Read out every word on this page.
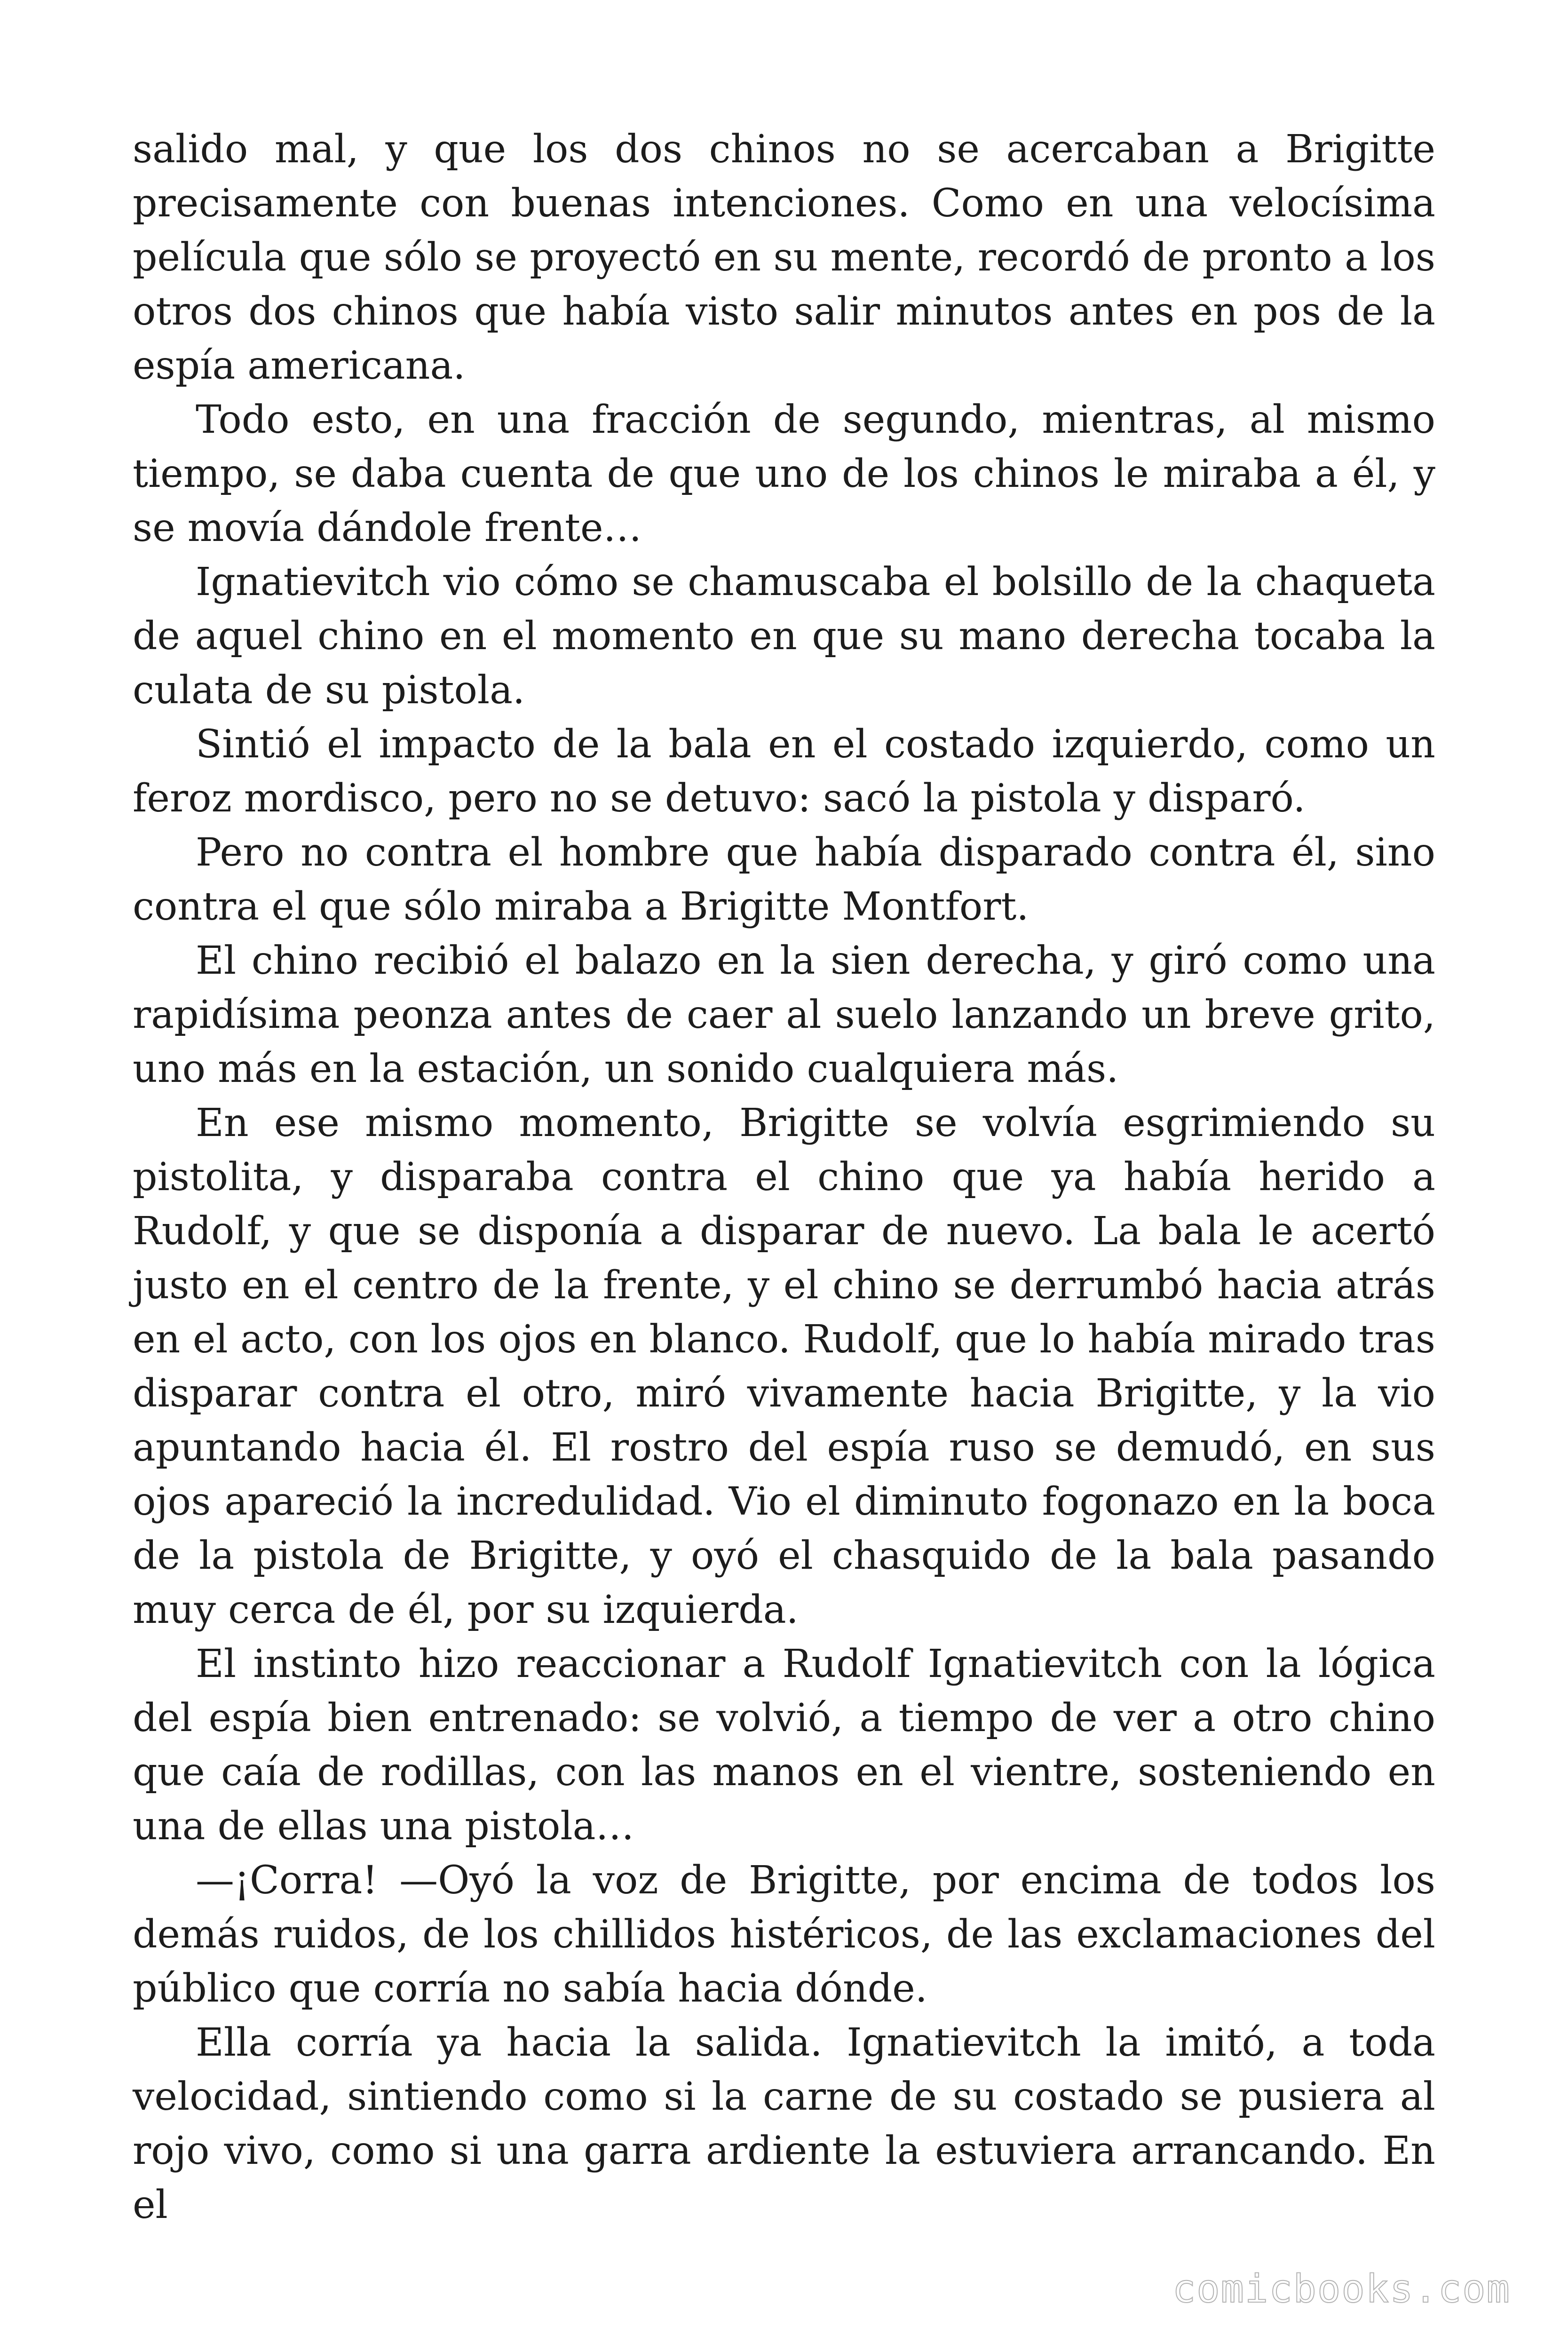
salido mal, y que los dos chinos no se acercaban a Brigitte precisamente con buenas intenciones. Como en una velocísima película que sólo se proyectó en su mente, recordó de pronto a los otros dos chinos que había visto salir minutos antes en pos de la espía americana.

Todo esto, en una fracción de segundo, mientras, al mismo tiempo, se daba cuenta de que uno de los chinos le miraba a él, y se movía dándole frente…

Ignatievitch vio cómo se chamuscaba el bolsillo de la chaqueta de aquel chino en el momento en que su mano derecha tocaba la culata de su pistola.

Sintió el impacto de la bala en el costado izquierdo, como un feroz mordisco, pero no se detuvo: sacó la pistola y disparó.

Pero no contra el hombre que había disparado contra él, sino contra el que sólo miraba a Brigitte Montfort.

El chino recibió el balazo en la sien derecha, y giró como una rapidísima peonza antes de caer al suelo lanzando un breve grito, uno más en la estación, un sonido cualquiera más.

En ese mismo momento, Brigitte se volvía esgrimiendo su pistolita, y disparaba contra el chino que ya había herido a Rudolf, y que se disponía a disparar de nuevo. La bala le acertó justo en el centro de la frente, y el chino se derrumbó hacia atrás en el acto, con los ojos en blanco. Rudolf, que lo había mirado tras disparar contra el otro, miró vivamente hacia Brigitte, y la vio apuntando hacia él. El rostro del espía ruso se demudó, en sus ojos apareció la incredulidad. Vio el diminuto fogonazo en la boca de la pistola de Brigitte, y oyó el chasquido de la bala pasando muy cerca de él, por su izquierda.

El instinto hizo reaccionar a Rudolf Ignatievitch con la lógica del espía bien entrenado: se volvió, a tiempo de ver a otro chino que caía de rodillas, con las manos en el vientre, sosteniendo en una de ellas una pistola…

—¡Corra! —Oyó la voz de Brigitte, por encima de todos los demás ruidos, de los chillidos histéricos, de las exclamaciones del público que corría no sabía hacia dónde.

Ella corría ya hacia la salida. Ignatievitch la imitó, a toda velocidad, sintiendo como si la carne de su costado se pusiera al rojo vivo, como si una garra ardiente la estuviera arrancando. En el

comicbooks.com
